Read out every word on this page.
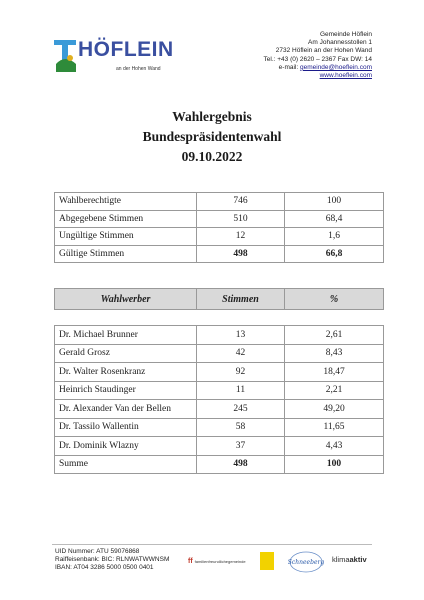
HÖFLEIN
an der Hohen Wand
Gemeinde Höflein
Am Johannesstollen 1
2732 Höflein an der Hohen Wand
Tel.: +43 (0) 2620 – 2367 Fax DW: 14
e-mail: gemeinde@hoeflein.com
www.hoeflein.com
Wahlergebnis
Bundespräsidentenwahl
09.10.2022
Wahlberechtigte	746	100
Abgegebene Stimmen	510	68,4
Ungültige Stimmen	12	1,6
Gültige Stimmen	498	66,8
Wahlwerber	Stimmen	%
Dr. Michael Brunner	13	2,61
Gerald Grosz	42	8,43
Dr. Walter Rosenkranz	92	18,47
Heinrich Staudinger	11	2,21
Dr. Alexander Van der Bellen	245	49,20
Dr. Tassilo Wallentin	58	11,65
Dr. Dominik Wlazny	37	4,43
Summe	498	100
UID Nummer: ATU 59076868
Raiffeisenbank: BIC: RLNWATWWNSM
IBAN: AT04 3286 5000 0500 0401
ff familienfreundlichegemeinde	Schneeberg klimaaktiv
